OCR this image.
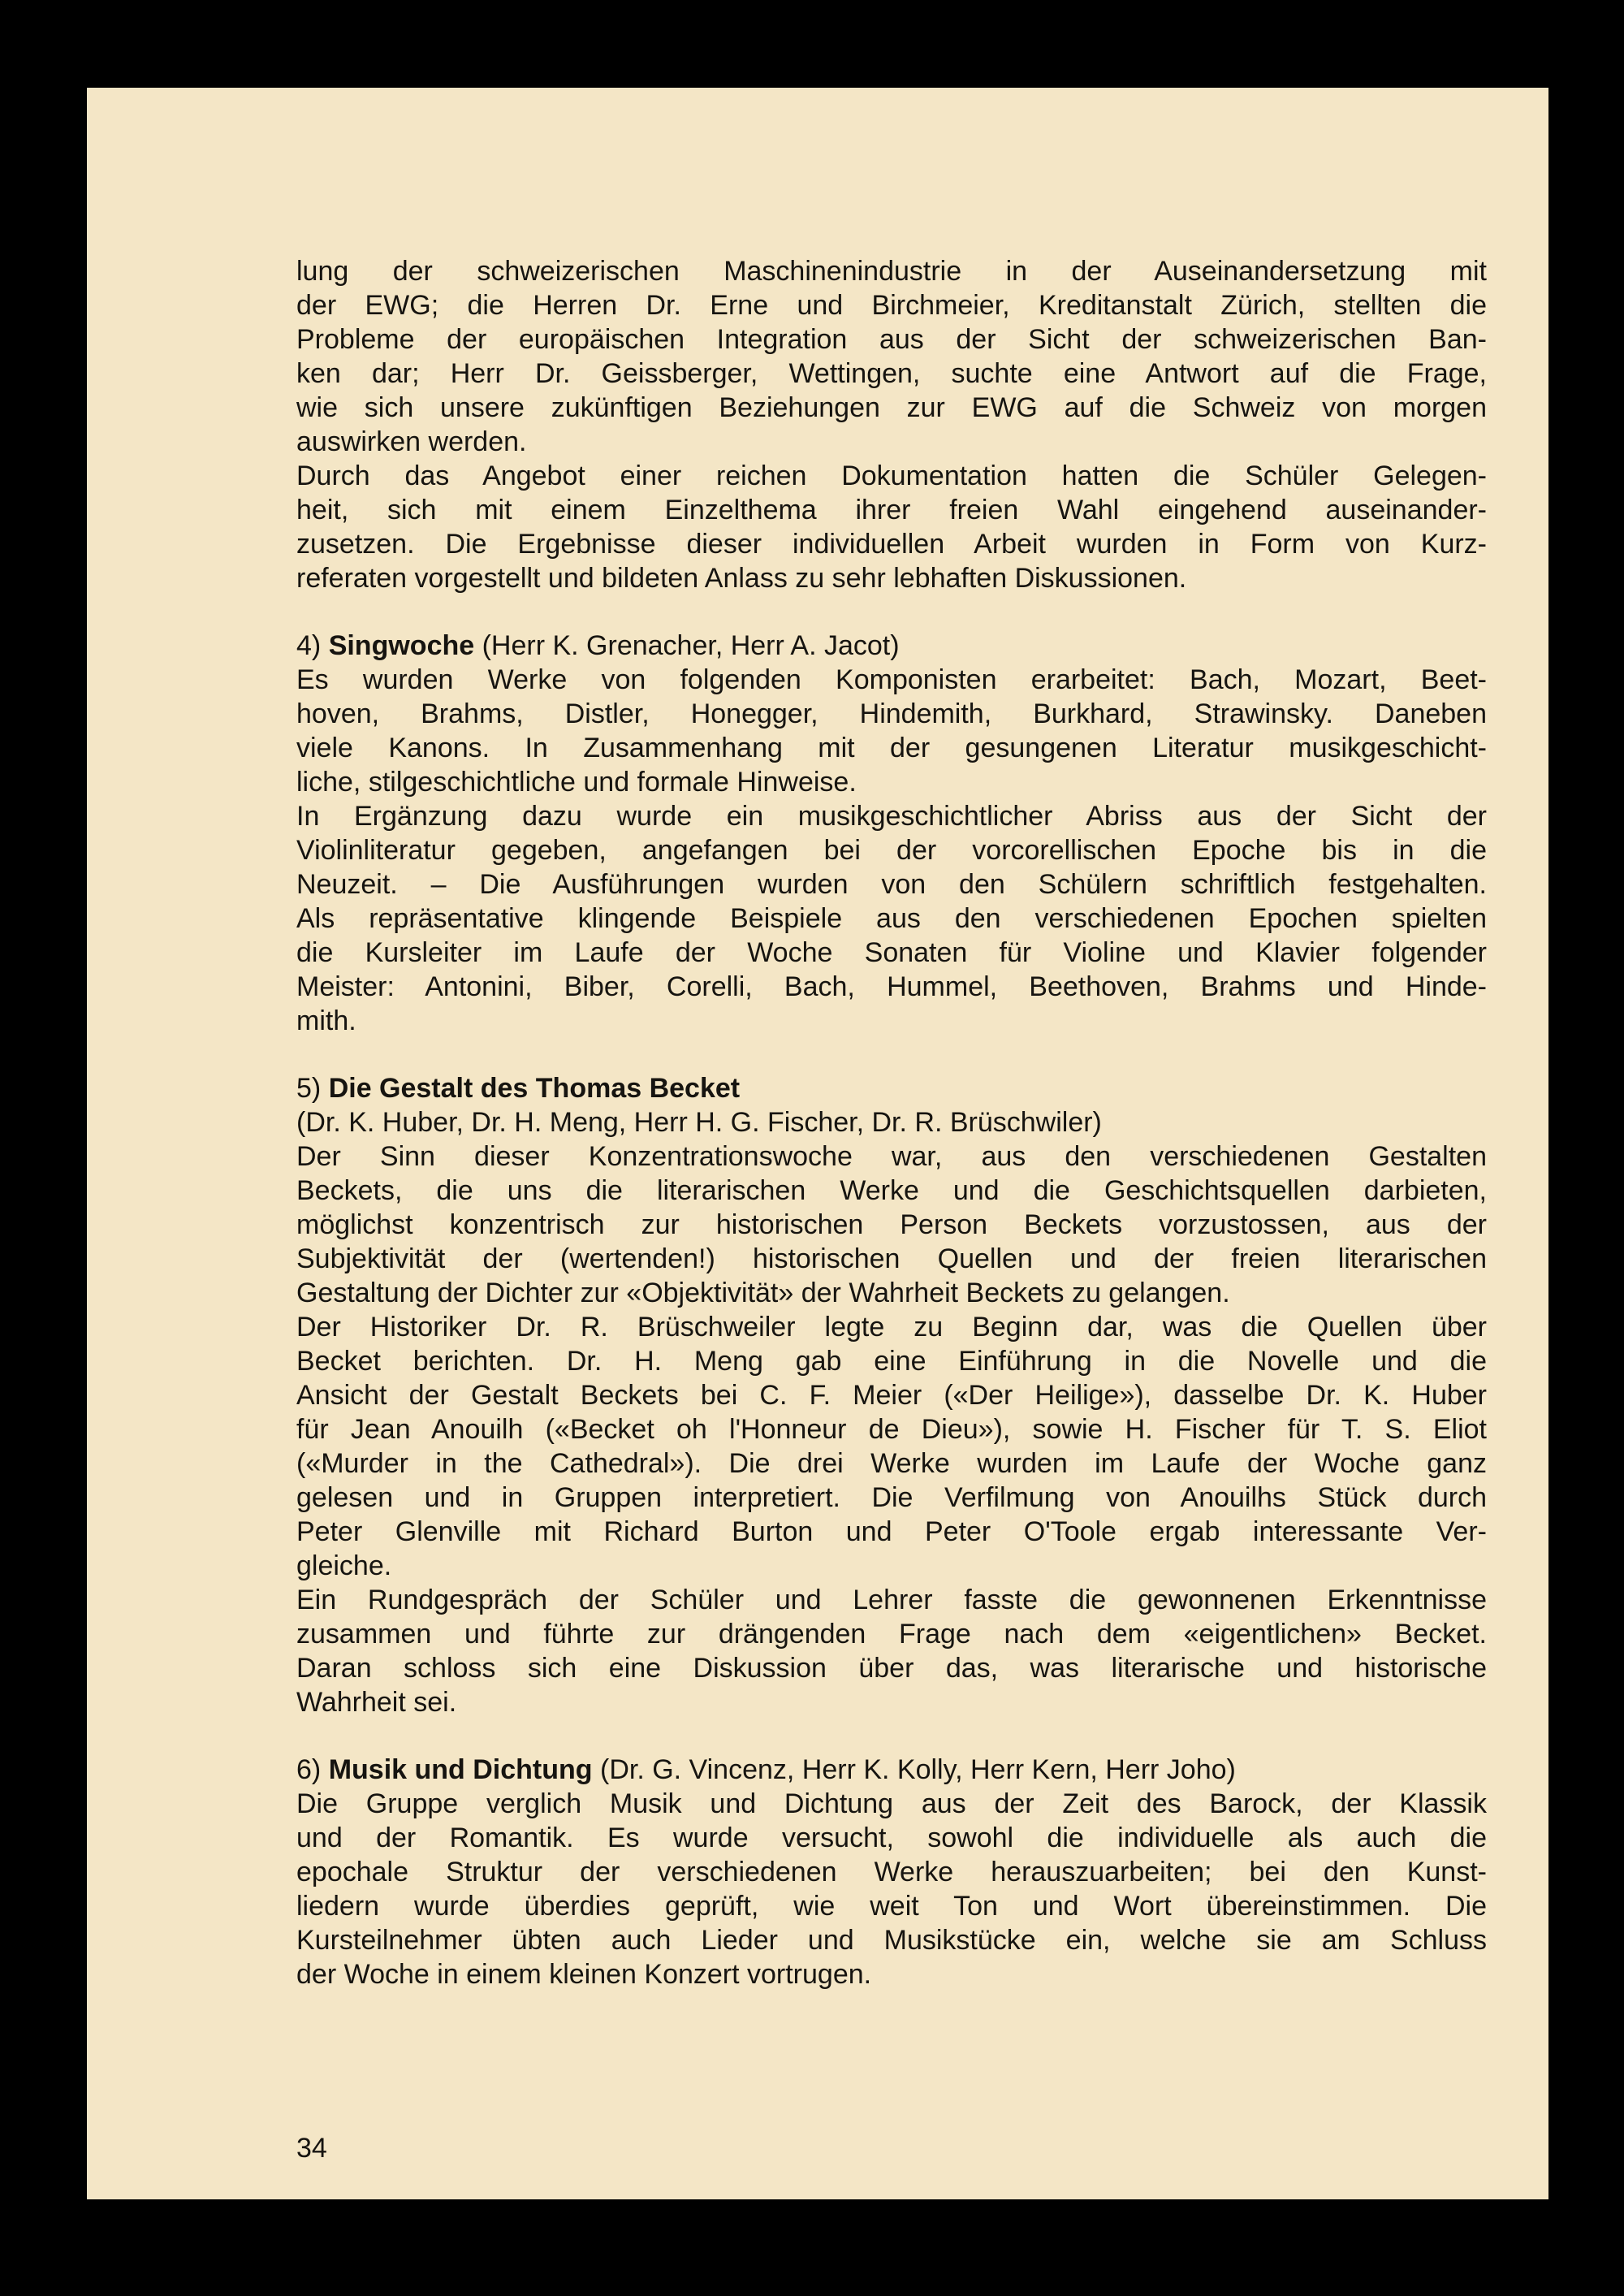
lung der schweizerischen Maschinenindustrie in der Auseinandersetzung mit
der EWG; die Herren Dr. Erne und Birchmeier, Kreditanstalt Zürich, stellten die
Probleme der europäischen Integration aus der Sicht der schweizerischen Ban-
ken dar; Herr Dr. Geissberger, Wettingen, suchte eine Antwort auf die Frage,
wie sich unsere zukünftigen Beziehungen zur EWG auf die Schweiz von morgen
auswirken werden.
Durch das Angebot einer reichen Dokumentation hatten die Schüler Gelegen-
heit, sich mit einem Einzelthema ihrer freien Wahl eingehend auseinander-
zusetzen. Die Ergebnisse dieser individuellen Arbeit wurden in Form von Kurz-
referaten vorgestellt und bildeten Anlass zu sehr lebhaften Diskussionen.
4) Singwoche (Herr K. Grenacher, Herr A. Jacot)
Es wurden Werke von folgenden Komponisten erarbeitet: Bach, Mozart, Beet-
hoven, Brahms, Distler, Honegger, Hindemith, Burkhard, Strawinsky. Daneben
viele Kanons. In Zusammenhang mit der gesungenen Literatur musikgeschicht-
liche, stilgeschichtliche und formale Hinweise.
In Ergänzung dazu wurde ein musikgeschichtlicher Abriss aus der Sicht der
Violinliteratur gegeben, angefangen bei der vorcorellischen Epoche bis in die
Neuzeit. – Die Ausführungen wurden von den Schülern schriftlich festgehalten.
Als repräsentative klingende Beispiele aus den verschiedenen Epochen spielten
die Kursleiter im Laufe der Woche Sonaten für Violine und Klavier folgender
Meister: Antonini, Biber, Corelli, Bach, Hummel, Beethoven, Brahms und Hinde-
mith.
5) Die Gestalt des Thomas Becket
(Dr. K. Huber, Dr. H. Meng, Herr H. G. Fischer, Dr. R. Brüschwiler)
Der Sinn dieser Konzentrationswoche war, aus den verschiedenen Gestalten
Beckets, die uns die literarischen Werke und die Geschichtsquellen darbieten,
möglichst konzentrisch zur historischen Person Beckets vorzustossen, aus der
Subjektivität der (wertenden!) historischen Quellen und der freien literarischen
Gestaltung der Dichter zur «Objektivität» der Wahrheit Beckets zu gelangen.
Der Historiker Dr. R. Brüschweiler legte zu Beginn dar, was die Quellen über
Becket berichten. Dr. H. Meng gab eine Einführung in die Novelle und die
Ansicht der Gestalt Beckets bei C. F. Meier («Der Heilige»), dasselbe Dr. K. Huber
für Jean Anouilh («Becket oh l'Honneur de Dieu»), sowie H. Fischer für T. S. Eliot
(«Murder in the Cathedral»). Die drei Werke wurden im Laufe der Woche ganz
gelesen und in Gruppen interpretiert. Die Verfilmung von Anouilhs Stück durch
Peter Glenville mit Richard Burton und Peter O'Toole ergab interessante Ver-
gleiche.
Ein Rundgespräch der Schüler und Lehrer fasste die gewonnenen Erkenntnisse
zusammen und führte zur drängenden Frage nach dem «eigentlichen» Becket.
Daran schloss sich eine Diskussion über das, was literarische und historische
Wahrheit sei.
6) Musik und Dichtung (Dr. G. Vincenz, Herr K. Kolly, Herr Kern, Herr Joho)
Die Gruppe verglich Musik und Dichtung aus der Zeit des Barock, der Klassik
und der Romantik. Es wurde versucht, sowohl die individuelle als auch die
epochale Struktur der verschiedenen Werke herauszuarbeiten; bei den Kunst-
liedern wurde überdies geprüft, wie weit Ton und Wort übereinstimmen. Die
Kursteilnehmer übten auch Lieder und Musikstücke ein, welche sie am Schluss
der Woche in einem kleinen Konzert vortrugen.
34
